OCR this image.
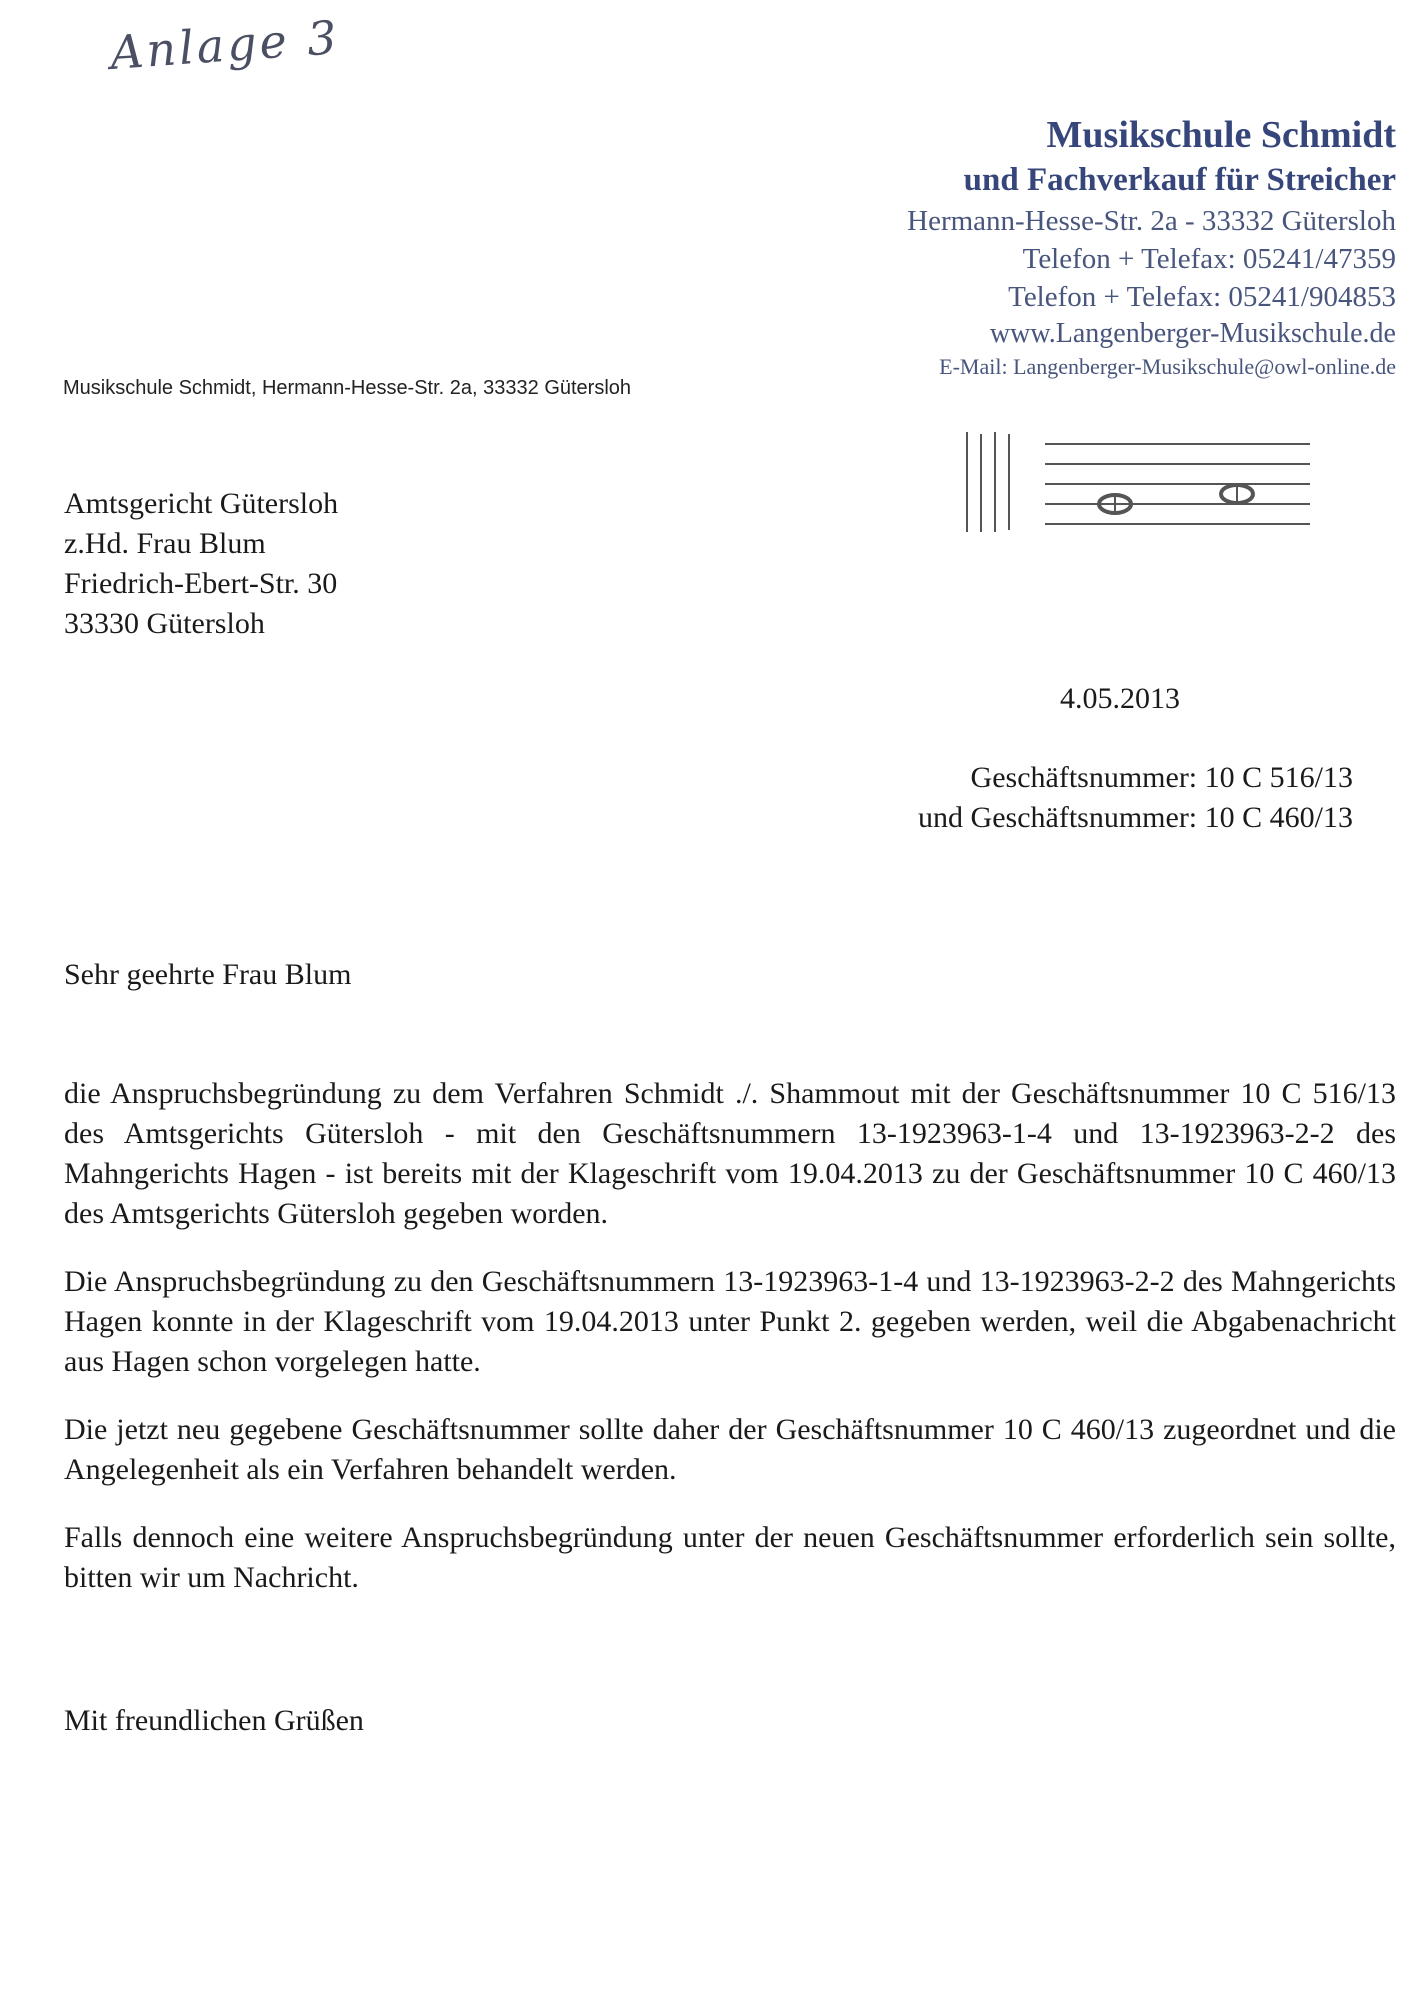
Anlage 3
Musikschule Schmidt
und Fachverkauf für Streicher
Hermann-Hesse-Str. 2a - 33332 Gütersloh
Telefon + Telefax: 05241/47359
Telefon + Telefax: 05241/904853
www.Langenberger-Musikschule.de
E-Mail: Langenberger-Musikschule@owl-online.de
Musikschule Schmidt, Hermann-Hesse-Str. 2a, 33332 Gütersloh
Amtsgericht Gütersloh
z.Hd. Frau Blum
Friedrich-Ebert-Str. 30
33330 Gütersloh
4.05.2013
Geschäftsnummer: 10 C 516/13
und Geschäftsnummer: 10 C 460/13
Sehr geehrte Frau Blum

die Anspruchsbegründung zu dem Verfahren Schmidt ./. Shammout mit der Geschäftsnummer 10 C 516/13 des Amtsgerichts Gütersloh - mit den Geschäftsnummern 13-1923963-1-4 und 13-1923963-2-2 des Mahngerichts Hagen - ist bereits mit der Klageschrift vom 19.04.2013 zu der Geschäftsnummer 10 C 460/13 des Amtsgerichts Gütersloh gegeben worden.

Die Anspruchsbegründung zu den Geschäftsnummern 13-1923963-1-4 und 13-1923963-2-2 des Mahngerichts Hagen konnte in der Klageschrift vom 19.04.2013 unter Punkt 2. gegeben werden, weil die Abgabenachricht aus Hagen schon vorgelegen hatte.

Die jetzt neu gegebene Geschäftsnummer sollte daher der Geschäftsnummer 10 C 460/13 zugeordnet und die Angelegenheit als ein Verfahren behandelt werden.

Falls dennoch eine weitere Anspruchsbegründung unter der neuen Geschäftsnummer erforderlich sein sollte, bitten wir um Nachricht.

Mit freundlichen Grüßen
